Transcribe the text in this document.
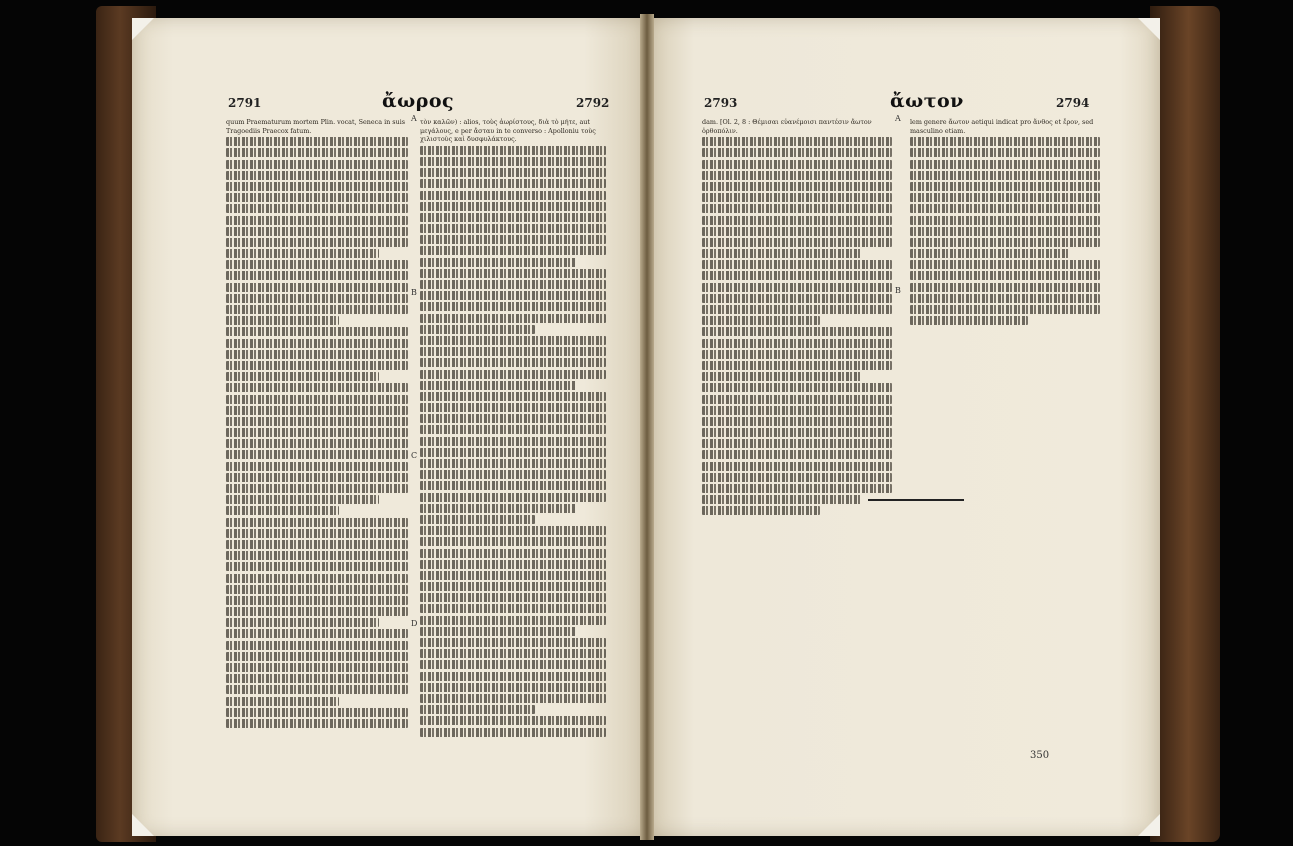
2791	ἄωρος	2792
quum Praematurum mortem Plin. vocat, Seneca in suis Tragoediis Praecox fatum.
τὸν καλῶν) : alios, τοὺς ἀωρίστους, διὰ τὸ μήτε, aut μεγάλους, e per ἄσταυ in te converso : Apolloniu τοὺς χιλιστοὺς καὶ δυσφυλάκτους.
A
B
C
D
2793	ἄωτον	2794
dam. [Ol. 2, 8 : Θέμισαι εὐανέμοισι παντέσιν ἄωτον ὀρθοπόλιν.
lem genere ἄωτον aetiqui indicat pro ἄνθος et ἔρον, sed masculino etiam.
A
B
350
